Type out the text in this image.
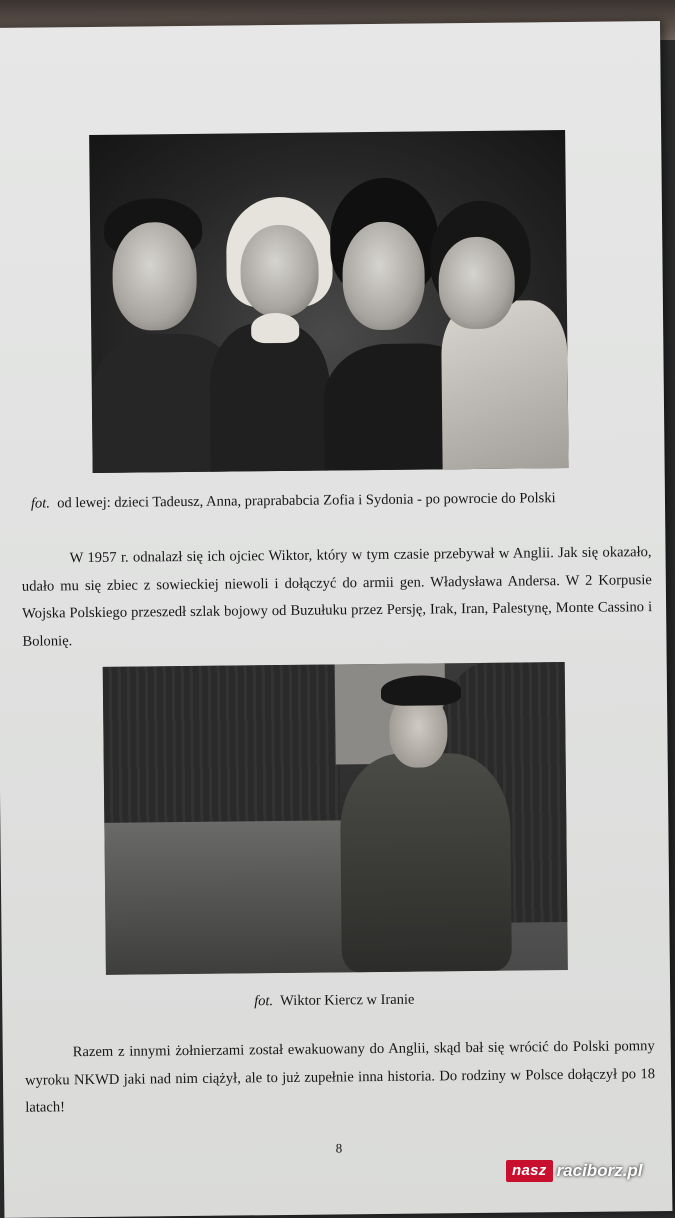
fot. od lewej: dzieci Tadeusz, Anna, praprababcia Zofia i Sydonia - po powrocie do Polski
W 1957 r. odnalazł się ich ojciec Wiktor, który w tym czasie przebywał w Anglii. Jak się okazało, udało mu się zbiec z sowieckiej niewoli i dołączyć do armii gen. Władysława Andersa. W 2 Korpusie Wojska Polskiego przeszedł szlak bojowy od Buzułuku przez Persję, Irak, Iran, Palestynę, Monte Cassino i Bolonię.
fot. Wiktor Kiercz w Iranie
Razem z innymi żołnierzami został ewakuowany do Anglii, skąd bał się wrócić do Polski pomny wyroku NKWD jaki nad nim ciążył, ale to już zupełnie inna historia. Do rodziny w Polsce dołączył po 18 latach!
8
nasz raciborz.pl
